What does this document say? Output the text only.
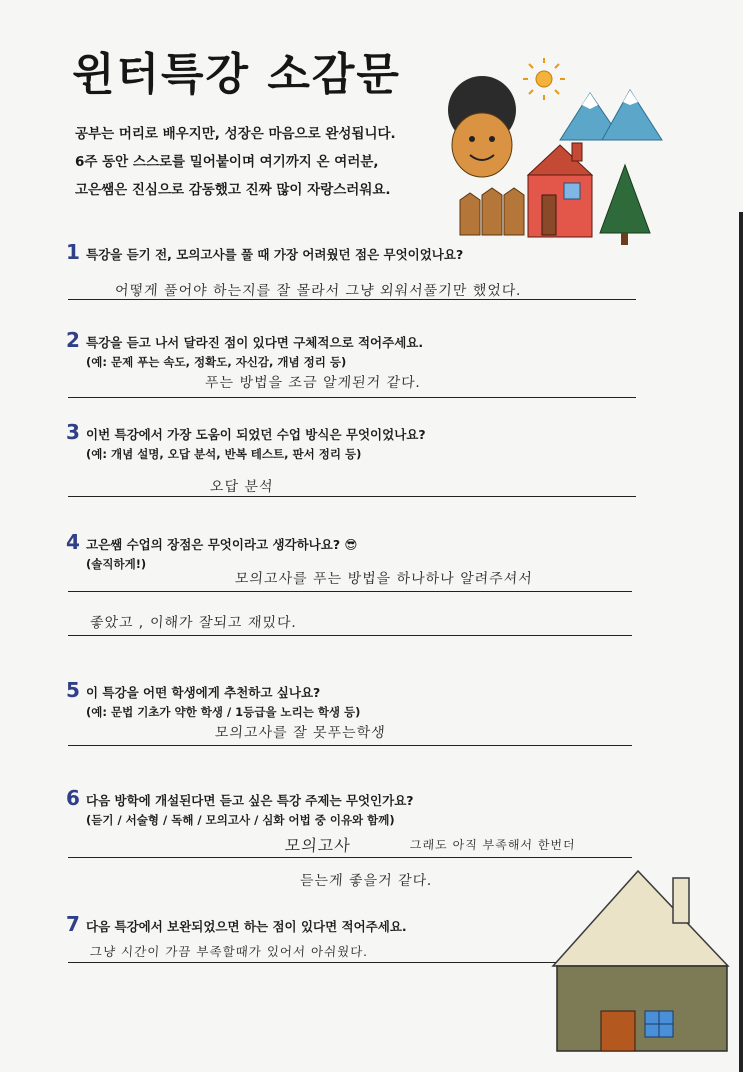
윈터특강 소감문
공부는 머리로 배우지만, 성장은 마음으로 완성됩니다.
6주 동안 스스로를 밀어붙이며 여기까지 온 여러분,
고은쌤은 진심으로 감동했고 진짜 많이 자랑스러워요.
1 특강을 듣기 전, 모의고사를 풀 때 가장 어려웠던 점은 무엇이었나요?
어떻게 풀어야 하는지를 잘 몰라서 그냥 외워서풀기만 했었다.
2 특강을 듣고 나서 달라진 점이 있다면 구체적으로 적어주세요.
(예: 문제 푸는 속도, 정확도, 자신감, 개념 정리 등)
푸는 방법을 조금 알게된거 같다.
3 이번 특강에서 가장 도움이 되었던 수업 방식은 무엇이었나요?
(예: 개념 설명, 오답 분석, 반복 테스트, 판서 정리 등)
오답 분석
4 고은쌤 수업의 장점은 무엇이라고 생각하나요? 😎
(솔직하게!)
모의고사를 푸는 방법을 하나하나 알려주셔서
좋았고 , 이해가 잘되고 재밌다.
5 이 특강을 어떤 학생에게 추천하고 싶나요?
(예: 문법 기초가 약한 학생 / 1등급을 노리는 학생 등)
모의고사를 잘 못푸는학생
6 다음 방학에 개설된다면 듣고 싶은 특강 주제는 무엇인가요?
(듣기 / 서술형 / 독해 / 모의고사 / 심화 어법 중 이유와 함께)
모의고사	그래도 아직 부족해서 한번더
듣는게 좋을거 같다.
7 다음 특강에서 보완되었으면 하는 점이 있다면 적어주세요.
그냥 시간이 가끔 부족할때가 있어서 아쉬웠다.
